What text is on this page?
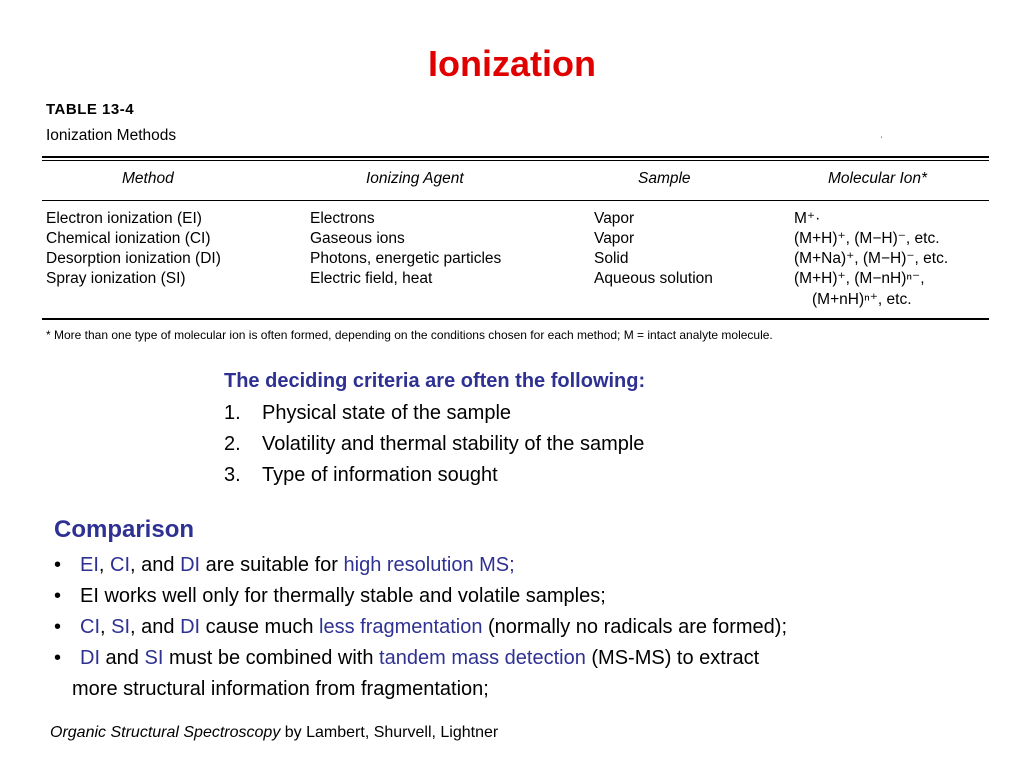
Ionization
TABLE 13-4
Ionization Methods	′
Method	Ionizing Agent	Sample	Molecular Ion*
Electron ionization (EI)	Electrons	Vapor	M⁺·
Chemical ionization (CI)	Gaseous ions	Vapor	(M+H)⁺, (M−H)⁻, etc.
Desorption ionization (DI)	Photons, energetic particles	Solid	(M+Na)⁺, (M−H)⁻, etc.
Spray ionization (SI)	Electric field, heat	Aqueous solution	(M+H)⁺, (M−nH)ⁿ⁻,
(M+nH)ⁿ⁺, etc.
* More than one type of molecular ion is often formed, depending on the conditions chosen for each method; M = intact analyte molecule.
The deciding criteria are often the following:
1.	Physical state of the sample
2.	Volatility and thermal stability of the sample
3.	Type of information sought
Comparison
• EI, CI, and DI are suitable for high resolution MS;
• EI works well only for thermally stable and volatile samples;
• CI, SI, and DI cause much less fragmentation (normally no radicals are formed);
• DI and SI must be combined with tandem mass detection (MS-MS) to extract
more structural information from fragmentation;
Organic Structural Spectroscopy by Lambert, Shurvell, Lightner
